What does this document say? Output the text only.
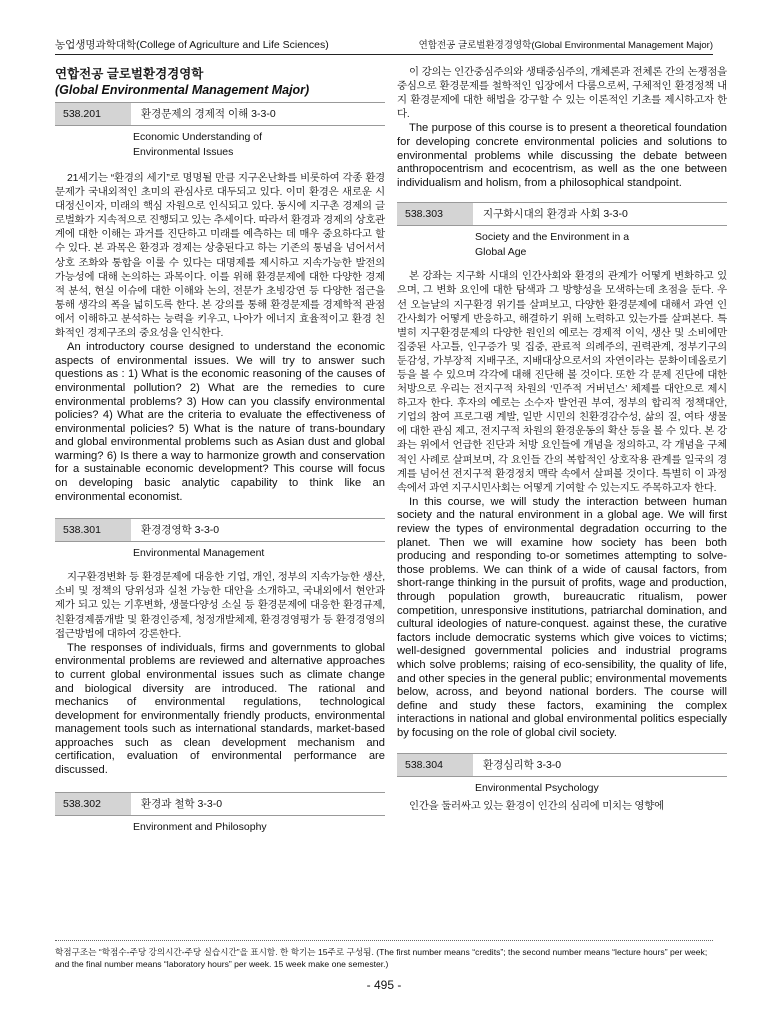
농업생명과학대학(College of Agriculture and Life Sciences)	연합전공 글로벌환경경영학(Global Environmental Management Major)
연합전공 글로벌환경경영학
(Global Environmental Management Major)
538.201	환경문제의 경제적 이해 3-3-0
Economic Understanding of
Environmental Issues

21세기는 “환경의 세기”로 명명될 만큼 지구온난화를 비롯하여 각종 환경문제가 국내외적인 초미의 관심사로 대두되고 있다. 이미 환경은 새로운 시대정신이자, 미래의 핵심 자원으로 인식되고 있다. 동시에 지구촌 경제의 글로벌화가 지속적으로 진행되고 있는 추세이다. 따라서 환경과 경제의 상호관계에 대한 이해는 과거를 진단하고 미래를 예측하는 데 매우 중요하다고 할 수 있다. 본 과목은 환경과 경제는 상충된다고 하는 기존의 통념을 넘어서서 상호 조화와 통합을 이룰 수 있다는 대명제를 제시하고 지속가능한 발전의 가능성에 대해 논의하는 과목이다. 이를 위해 환경문제에 대한 다양한 경제적 분석, 현실 이슈에 대한 이해와 논의, 전문가 초빙강연 등 다양한 접근을 통해 생각의 폭을 넓히도록 한다. 본 강의를 통해 환경문제를 경제학적 관점에서 이해하고 분석하는 능력을 키우고, 나아가 에너지 효율적이고 환경 친화적인 경제구조의 중요성을 인식한다.

An introductory course designed to understand the economic aspects of environmental issues. We will try to answer such questions as : 1) What is the economic reasoning of the causes of environmental pollution? 2) What are the remedies to cure environmental problems? 3) How can you classify environmental policies? 4) What are the criteria to evaluate the effectiveness of environmental policies? 5) What is the nature of trans-boundary and global environmental problems such as Asian dust and global warming? 6) Is there a way to harmonize growth and conservation for a sustainable economic development? This course will focus on developing basic analytic capability to think like an environmental economist.

538.301	환경경영학 3-3-0
Environmental Management

지구환경변화 등 환경문제에 대응한 기업, 개인, 정부의 지속가능한 생산, 소비 및 정책의 당위성과 실천 가능한 대안을 소개하고, 국내외에서 현안과제가 되고 있는 기후변화, 생물다양성 소실 등 환경문제에 대응한 환경규제, 친환경제품개발 및 환경인증제, 청정개발체제, 환경경영평가 등 환경경영의 접근방법에 대하여 강론한다.

The responses of individuals, firms and governments to global environmental problems are reviewed and alternative approaches to current global environmental issues such as climate change and biological diversity are introduced. The rational and mechanics of environmental regulations, technological development for environmentally friendly products, environmental management tools such as international standards, market-based approaches such as clean development mechanism and certification, evaluation of environmental performance are discussed.

538.302	환경과 철학 3-3-0
Environment and Philosophy

이 강의는 인간중심주의와 생태중심주의, 개체론과 전체론 간의 논쟁점을 중심으로 환경문제를 철학적인 입장에서 다룸으로써, 구체적인 환경정책 내지 환경문제에 대한 해법을 강구할 수 있는 이론적인 기초를 제시하고자 한다.

The purpose of this course is to present a theoretical foundation for developing concrete environmental policies and solutions to environmental problems while discussing the debate between anthropocentrism and ecocentrism, as well as the one between individualism and holism, from a philosophical standpoint.

538.303	지구화시대의 환경과 사회 3-3-0
Society and the Environment in a
Global Age

본 강좌는 지구화 시대의 인간사회와 환경의 관계가 어떻게 변화하고 있으며, 그 변화 요인에 대한 탐색과 그 방향성을 모색하는데 초점을 둔다. 우선 오늘날의 지구환경 위기를 살펴보고, 다양한 환경문제에 대해서 과연 인간사회가 어떻게 반응하고, 해결하기 위해 노력하고 있는가를 살펴본다. 특별히 지구환경문제의 다양한 원인의 예로는 경제적 이익, 생산 및 소비에만 집중된 사고틀, 인구증가 및 집중, 관료적 의례주의, 권력관계, 정부기구의 둔감성, 가부장적 지배구조, 지배대상으로서의 자연이라는 문화이데올로기 등을 볼 수 있으며 각각에 대해 진단해 볼 것이다. 또한 각 문제 진단에 대한 처방으로 우리는 전지구적 차원의 ‘민주적 거버넌스’ 체제를 대안으로 제시하고자 한다. 후자의 예로는 소수자 발언권 부여, 정부의 합리적 정책대안, 기업의 참여 프로그램 계발, 일반 시민의 친환경감수성, 삶의 질, 여타 생물에 대한 관심 제고, 전지구적 차원의 환경운동의 확산 등을 볼 수 있다. 본 강좌는 위에서 언급한 진단과 처방 요인들에 개념을 정의하고, 각 개념을 구체적인 사례로 살펴보며, 각 요인들 간의 복합적인 상호작용 관계를 일국의 경계를 넘어선 전지구적 환경정치 맥락 속에서 살펴볼 것이다. 특별히 이 과정 속에서 과연 지구시민사회는 어떻게 기여할 수 있는지도 주목하고자 한다.

In this course, we will study the interaction between human society and the natural environment in a global age. We will first review the types of environmental degradation occurring to the planet. Then we will examine how society has been both producing and responding to-or sometimes attempting to solve- those problems. We can think of a wide of causal factors, from short-range thinking in the pursuit of profits, wage and production, through population growth, bureaucratic ritualism, power competition, unresponsive institutions, patriarchal domination, and cultural ideologies of nature-conquest. against these, the curative factors include democratic systems which give voices to victims; well-designed governmental policies and industrial programs which solve problems; raising of eco-sensibility, the quality of life, and other species in the general public; environmental movements below, across, and beyond national borders. The course will define and study these factors, examining the complex interactions in national and global environmental politics especially by focusing on the role of global civil society.

538.304	환경심리학 3-3-0
Environmental Psychology

인간을 둘러싸고 있는 환경이 인간의 심리에 미치는 영향에

학점구조는 “학점수-주당 강의시간-주당 실습시간”을 표시함. 한 학기는 15주로 구성됨. (The first number means “credits”; the second number means “lecture hours” per week; and the final number means “laboratory hours” per week. 15 week make one semester.)
- 495 -
